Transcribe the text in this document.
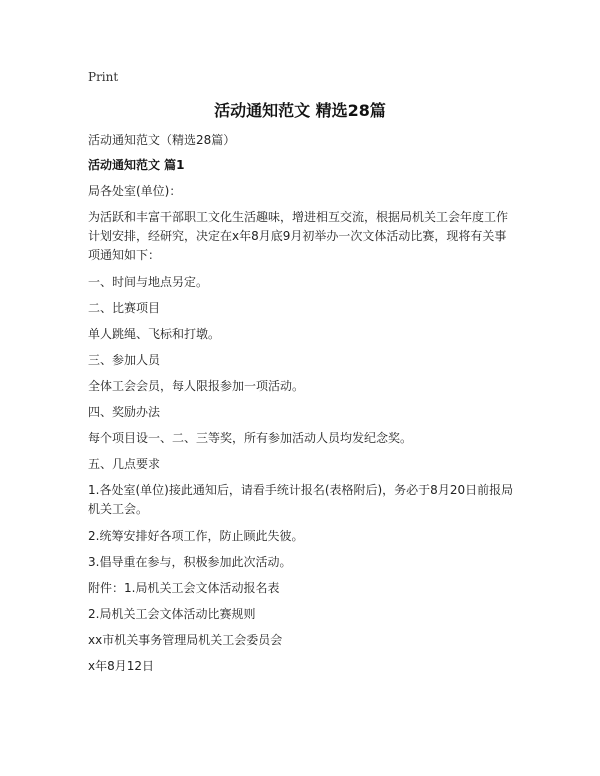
Print
活动通知范文 精选28篇

活动通知范文（精选28篇）

活动通知范文 篇1

局各处室(单位)：

为活跃和丰富干部职工文化生活趣味，增进相互交流，根据局机关工会年度工作计划安排，经研究，决定在x年8月底9月初举办一次文体活动比赛，现将有关事项通知如下：

一、时间与地点另定。

二、比赛项目

单人跳绳、飞标和打墩。

三、参加人员

全体工会会员，每人限报参加一项活动。

四、奖励办法

每个项目设一、二、三等奖，所有参加活动人员均发纪念奖。

五、几点要求

1.各处室(单位)接此通知后，请看手统计报名(表格附后)，务必于8月20日前报局机关工会。

2.统筹安排好各项工作，防止顾此失彼。

3.倡导重在参与，积极参加此次活动。

附件：1.局机关工会文体活动报名表

2.局机关工会文体活动比赛规则

xx市机关事务管理局机关工会委员会

x年8月12日
